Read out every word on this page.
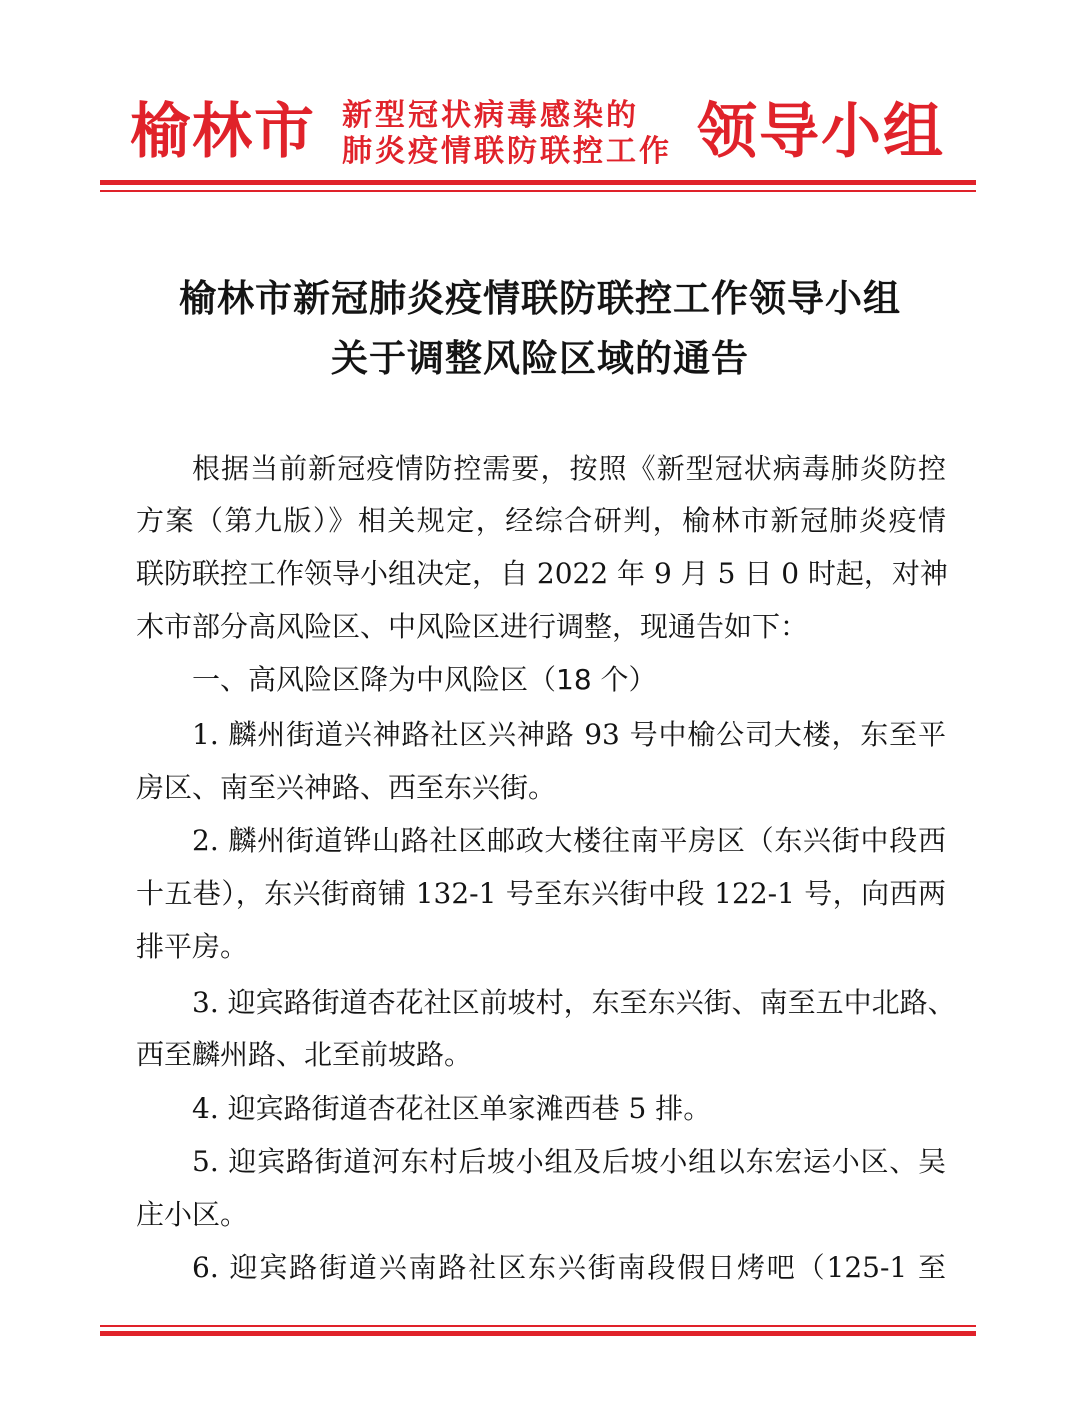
榆林市 新型冠状病毒感染的
肺炎疫情联防联控工作 领导小组
榆林市新冠肺炎疫情联防联控工作领导小组
关于调整风险区域的通告
根据当前新冠疫情防控需要，按照《新型冠状病毒肺炎防控
方案（第九版）》相关规定，经综合研判，榆林市新冠肺炎疫情
联防联控工作领导小组决定，自 2022 年 9 月 5 日 0 时起，对神
木市部分高风险区、中风险区进行调整，现通告如下：
一、高风险区降为中风险区（18 个）
1. 麟州街道兴神路社区兴神路 93 号中榆公司大楼，东至平
房区、南至兴神路、西至东兴街。
2. 麟州街道铧山路社区邮政大楼往南平房区（东兴街中段西
十五巷），东兴街商铺 132-1 号至东兴街中段 122-1 号，向西两
排平房。
3. 迎宾路街道杏花社区前坡村，东至东兴街、南至五中北路、
西至麟州路、北至前坡路。
4. 迎宾路街道杏花社区单家滩西巷 5 排。
5. 迎宾路街道河东村后坡小组及后坡小组以东宏运小区、吴
庄小区。
6. 迎宾路街道兴南路社区东兴街南段假日烤吧（125-1 至
